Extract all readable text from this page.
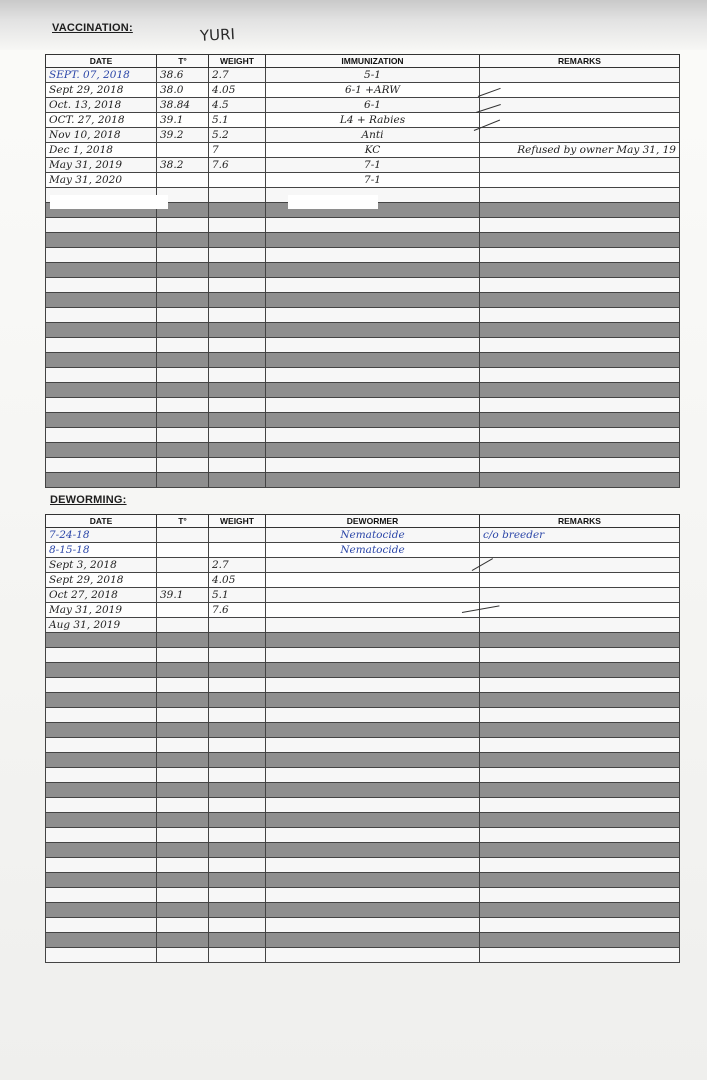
VACCINATION:	YURI
DATE	T°	WEIGHT	IMMUNIZATION	REMARKS
SEPT. 07, 2018	38.6	2.7	5-1	
Sept 29, 2018	38.0	4.05	6-1 +ARW	
Oct. 13, 2018	38.84	4.5	6-1	
OCT. 27, 2018	39.1	5.1	L4 + Rabies	
Nov 10, 2018	39.2	5.2	Anti	
Dec 1, 2018		7	KC	Refused by owner May 31, 19
May 31, 2019	38.2	7.6	7-1	
May 31, 2020			7-1	

DEWORMING:
DATE	T°	WEIGHT	DEWORMER	REMARKS
7-24-18			Nematocide	c/o breeder
8-15-18			Nematocide	
Sept 3, 2018		2.7		
Sept 29, 2018		4.05		
Oct 27, 2018	39.1	5.1		
May 31, 2019		7.6		
Aug 31, 2019				
